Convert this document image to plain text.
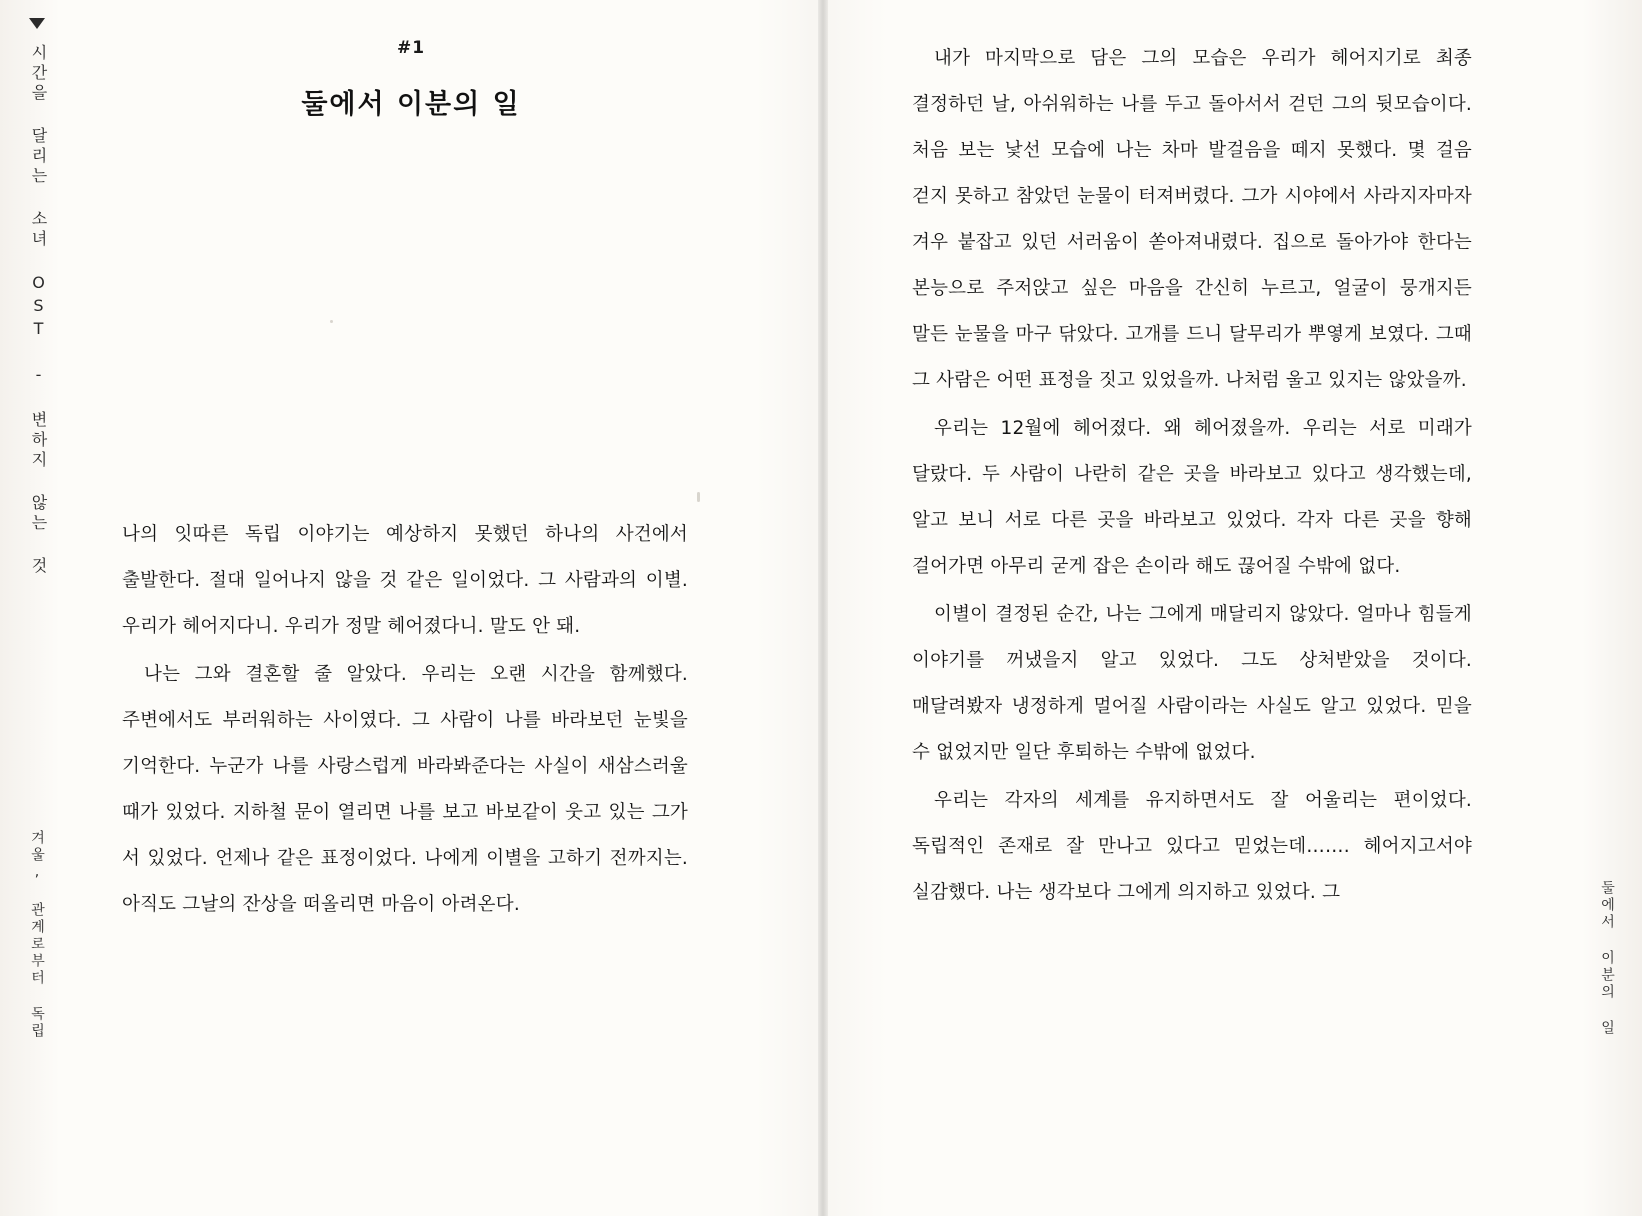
시간을 달리는 소녀 OST - 변하지 않는 것
겨울, 관계로부터 독립
#1
둘에서 이분의 일

나의 잇따른 독립 이야기는 예상하지 못했던 하나의 사건에서 출발한다. 절대 일어나지 않을 것 같은 일이었다. 그 사람과의 이별. 우리가 헤어지다니. 우리가 정말 헤어졌다니. 말도 안 돼.

나는 그와 결혼할 줄 알았다. 우리는 오랜 시간을 함께했다. 주변에서도 부러워하는 사이였다. 그 사람이 나를 바라보던 눈빛을 기억한다. 누군가 나를 사랑스럽게 바라봐준다는 사실이 새삼스러울 때가 있었다. 지하철 문이 열리면 나를 보고 바보같이 웃고 있는 그가 서 있었다. 언제나 같은 표정이었다. 나에게 이별을 고하기 전까지는. 아직도 그날의 잔상을 떠올리면 마음이 아려온다.	둘에서 이분의 일

내가 마지막으로 담은 그의 모습은 우리가 헤어지기로 최종 결정하던 날, 아쉬워하는 나를 두고 돌아서서 걷던 그의 뒷모습이다. 처음 보는 낯선 모습에 나는 차마 발걸음을 떼지 못했다. 몇 걸음 걷지 못하고 참았던 눈물이 터져버렸다. 그가 시야에서 사라지자마자 겨우 붙잡고 있던 서러움이 쏟아져내렸다. 집으로 돌아가야 한다는 본능으로 주저앉고 싶은 마음을 간신히 누르고, 얼굴이 뭉개지든 말든 눈물을 마구 닦았다. 고개를 드니 달무리가 뿌옇게 보였다. 그때 그 사람은 어떤 표정을 짓고 있었을까. 나처럼 울고 있지는 않았을까.

우리는 12월에 헤어졌다. 왜 헤어졌을까. 우리는 서로 미래가 달랐다. 두 사람이 나란히 같은 곳을 바라보고 있다고 생각했는데, 알고 보니 서로 다른 곳을 바라보고 있었다. 각자 다른 곳을 향해 걸어가면 아무리 굳게 잡은 손이라 해도 끊어질 수밖에 없다.

이별이 결정된 순간, 나는 그에게 매달리지 않았다. 얼마나 힘들게 이야기를 꺼냈을지 알고 있었다. 그도 상처받았을 것이다. 매달려봤자 냉정하게 멀어질 사람이라는 사실도 알고 있었다. 믿을 수 없었지만 일단 후퇴하는 수밖에 없었다.

우리는 각자의 세계를 유지하면서도 잘 어울리는 편이었다. 독립적인 존재로 잘 만나고 있다고 믿었는데……. 헤어지고서야 실감했다. 나는 생각보다 그에게 의지하고 있었다. 그
